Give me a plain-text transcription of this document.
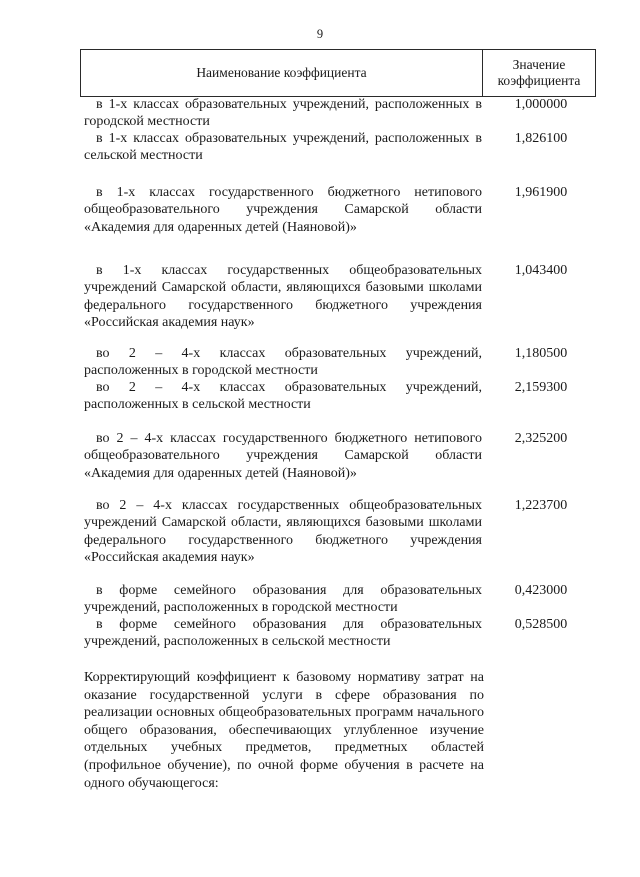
9
Наименование коэффициента
Значение
коэффициента
в 1-х классах образовательных учреждений, расположенных в городской местности
1,000000
в 1-х классах образовательных учреждений, расположенных в сельской местности
1,826100
в 1-х классах государственного бюджетного нетипового общеобразовательного учреждения Самарской области «Академия для одаренных детей (Наяновой)»
1,961900
в 1-х классах государственных общеобразовательных учреждений Самарской области, являющихся базовыми школами федерального государственного бюджетного учреждения «Российская академия наук»
1,043400
во 2 – 4-х классах образовательных учреждений, расположенных в городской местности
1,180500
во 2 – 4-х классах образовательных учреждений, расположенных в сельской местности
2,159300
во 2 – 4-х классах государственного бюджетного нетипового общеобразовательного учреждения Самарской области «Академия для одаренных детей (Наяновой)»
2,325200
во 2 – 4-х классах государственных общеобразовательных учреждений Самарской области, являющихся базовыми школами федерального государственного бюджетного учреждения «Российская академия наук»
1,223700
в форме семейного образования для образовательных учреждений, расположенных в городской местности
0,423000
в форме семейного образования для образовательных учреждений, расположенных в сельской местности
0,528500
Корректирующий коэффициент к базовому нормативу затрат на оказание государственной услуги в сфере образования по реализации основных общеобразовательных программ начального общего образования, обеспечивающих углубленное изучение отдельных учебных предметов, предметных областей (профильное обучение), по очной форме обучения в расчете на одного обучающегося:
